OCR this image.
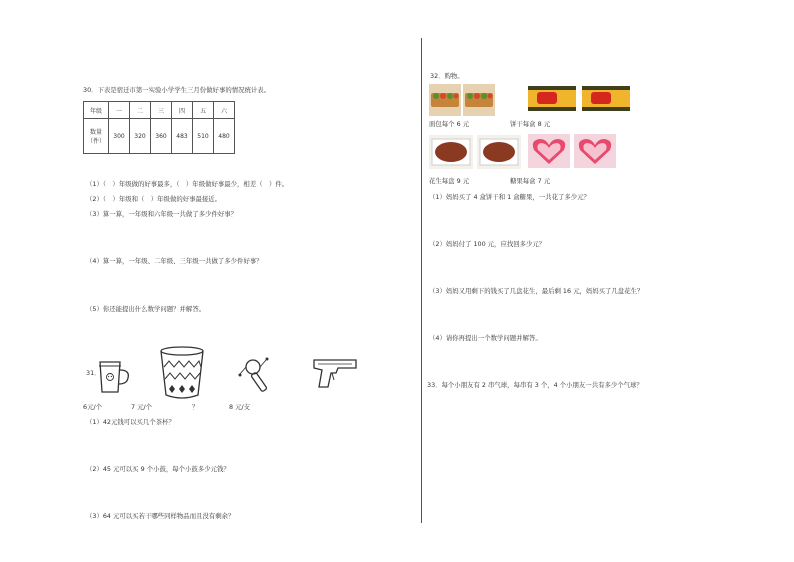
30．下表是宿迁市第一实验小学学生三月份做好事的情况统计表。
年级	一	二	三	四	五	六

数量
（件）	300	320	360	483	510	480
（1）（　）年级做的好事最多，（　）年级做好事最少，相差（　）件。
（2）（　）年级和（　）年级做的好事最接近。
（3）算一算，一年级和六年级一共做了多少件好事？
（4）算一算，一年级、二年级、三年级一共做了多少件好事？
（5）你还能提出什么数学问题？并解答。
31．
6元/个	7 元/个	？	8 元/支
（1）42元钱可以买几个茶杯？
（2）45 元可以买 9 个小鼓，每个小鼓多少元钱？
（3）64 元可以买若干哪些同样物品而且没有剩余？
32．购物。
面包每个 6 元	饼干每盒 8 元
花生每盘 9 元	糖果每盒 7 元
（1）妈妈买了 4 盒饼干和 1 盒糖果，一共花了多少元？
（2）妈妈付了 100 元，应找回多少元？
（3）妈妈又用剩下的钱买了几盘花生，最后剩 16 元，妈妈买了几盘花生？
（4）请你再提出一个数学问题并解答。
33．每个小朋友有 2 串气球，每串有 3 个，4 个小朋友一共有多少个气球？
